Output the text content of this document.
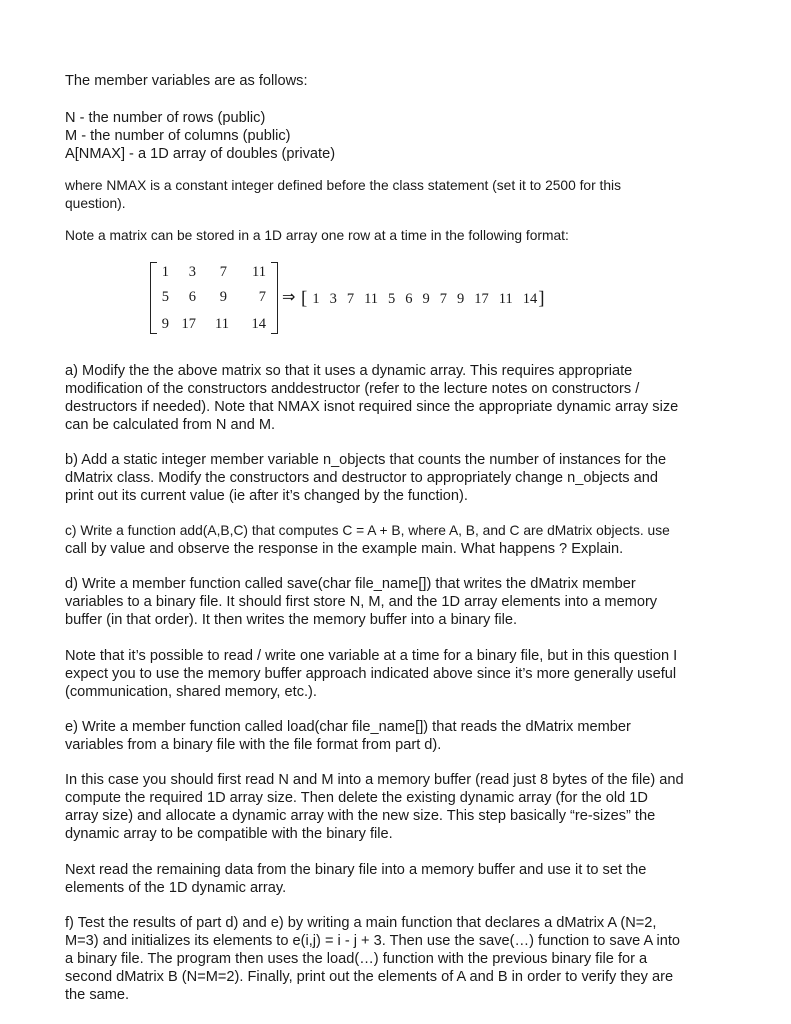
The member variables are as follows:

N - the number of rows (public)
M - the number of columns (public)
A[NMAX] - a 1D array of doubles (private)

where NMAX is a constant integer defined before the class statement (set it to 2500 for this
question).

Note a matrix can be stored in a 1D array one row at a time in the following format:

1	3	7	11
5	6	9	7
9 17	11	14
⇒ [ 1 3 7 11 5 6 9 7 9 17 11 14]

a) Modify the the above matrix so that it uses a dynamic array. This requires appropriate
modification of the constructors anddestructor (refer to the lecture notes on constructors /
destructors if needed). Note that NMAX isnot required since the appropriate dynamic array size
can be calculated from N and M.

b) Add a static integer member variable n_objects that counts the number of instances for the
dMatrix class. Modify the constructors and destructor to appropriately change n_objects and
print out its current value (ie after it’s changed by the function).

c) Write a function add(A,B,C) that computes C = A + B, where A, B, and C are dMatrix objects. use
call by value and observe the response in the example main. What happens ? Explain.

d) Write a member function called save(char file_name[]) that writes the dMatrix member
variables to a binary file. It should first store N, M, and the 1D array elements into a memory
buffer (in that order). It then writes the memory buffer into a binary file.

Note that it’s possible to read / write one variable at a time for a binary file, but in this question I
expect you to use the memory buffer approach indicated above since it’s more generally useful
(communication, shared memory, etc.).

e) Write a member function called load(char file_name[]) that reads the dMatrix member
variables from a binary file with the file format from part d).

In this case you should first read N and M into a memory buffer (read just 8 bytes of the file) and
compute the required 1D array size. Then delete the existing dynamic array (for the old 1D
array size) and allocate a dynamic array with the new size. This step basically “re-sizes” the
dynamic array to be compatible with the binary file.

Next read the remaining data from the binary file into a memory buffer and use it to set the
elements of the 1D dynamic array.

f) Test the results of part d) and e) by writing a main function that declares a dMatrix A (N=2,
M=3) and initializes its elements to e(i,j) = i - j + 3. Then use the save(…) function to save A into
a binary file. The program then uses the load(…) function with the previous binary file for a
second dMatrix B (N=M=2). Finally, print out the elements of A and B in order to verify they are
the same.
